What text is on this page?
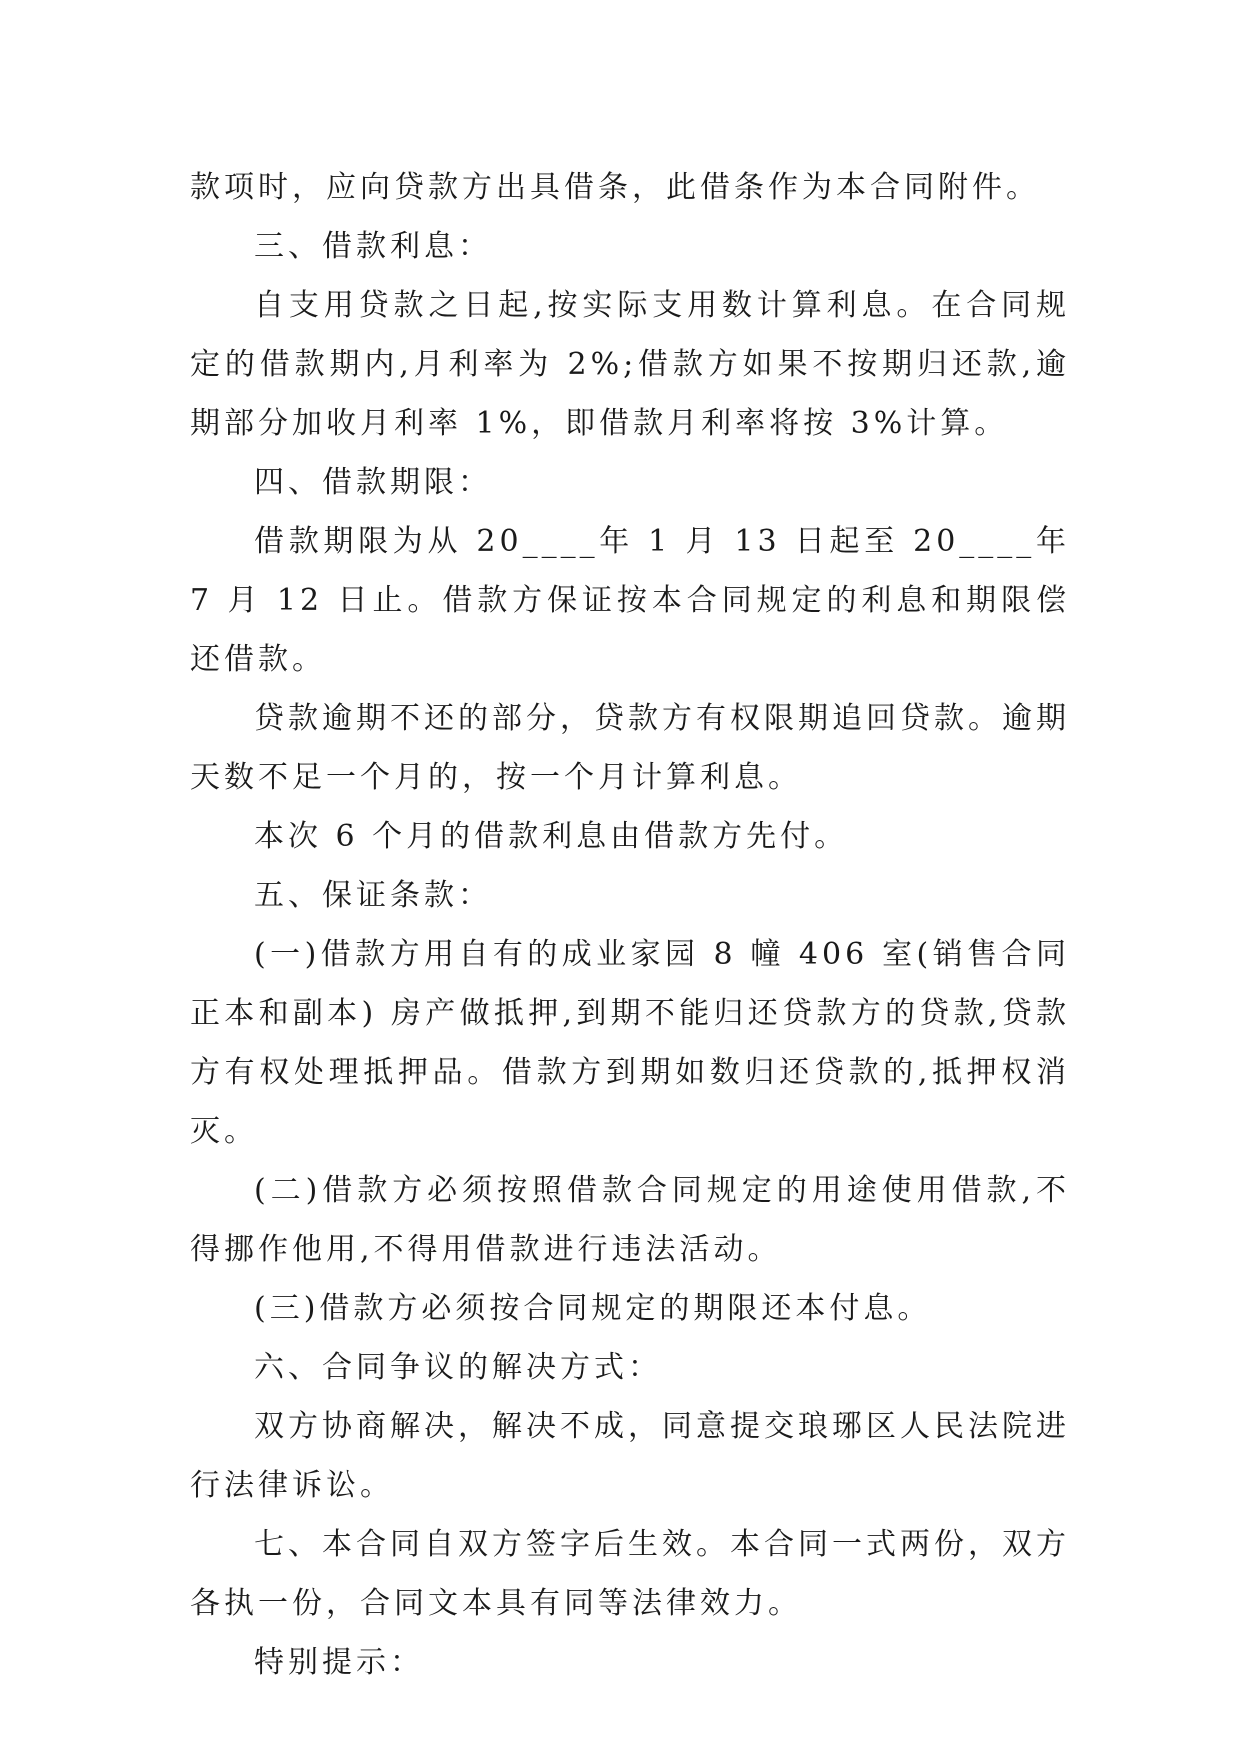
款项时，应向贷款方出具借条，此借条作为本合同附件。

三、借款利息：

自支用贷款之日起,按实际支用数计算利息。在合同规定的借款期内,月利率为 2%;借款方如果不按期归还款,逾期部分加收月利率 1%，即借款月利率将按 3%计算。

四、借款期限：

借款期限为从 20____年 1 月 13 日起至 20____年 7 月 12 日止。借款方保证按本合同规定的利息和期限偿还借款。

贷款逾期不还的部分，贷款方有权限期追回贷款。逾期天数不足一个月的，按一个月计算利息。

本次 6 个月的借款利息由借款方先付。

五、保证条款：

(一)借款方用自有的成业家园 8 幢 406 室(销售合同正本和副本) 房产做抵押,到期不能归还贷款方的贷款,贷款方有权处理抵押品。借款方到期如数归还贷款的,抵押权消灭。

(二)借款方必须按照借款合同规定的用途使用借款,不得挪作他用,不得用借款进行违法活动。

(三)借款方必须按合同规定的期限还本付息。

六、合同争议的解决方式：

双方协商解决，解决不成，同意提交琅琊区人民法院进行法律诉讼。

七、本合同自双方签字后生效。本合同一式两份，双方各执一份，合同文本具有同等法律效力。

特别提示：
